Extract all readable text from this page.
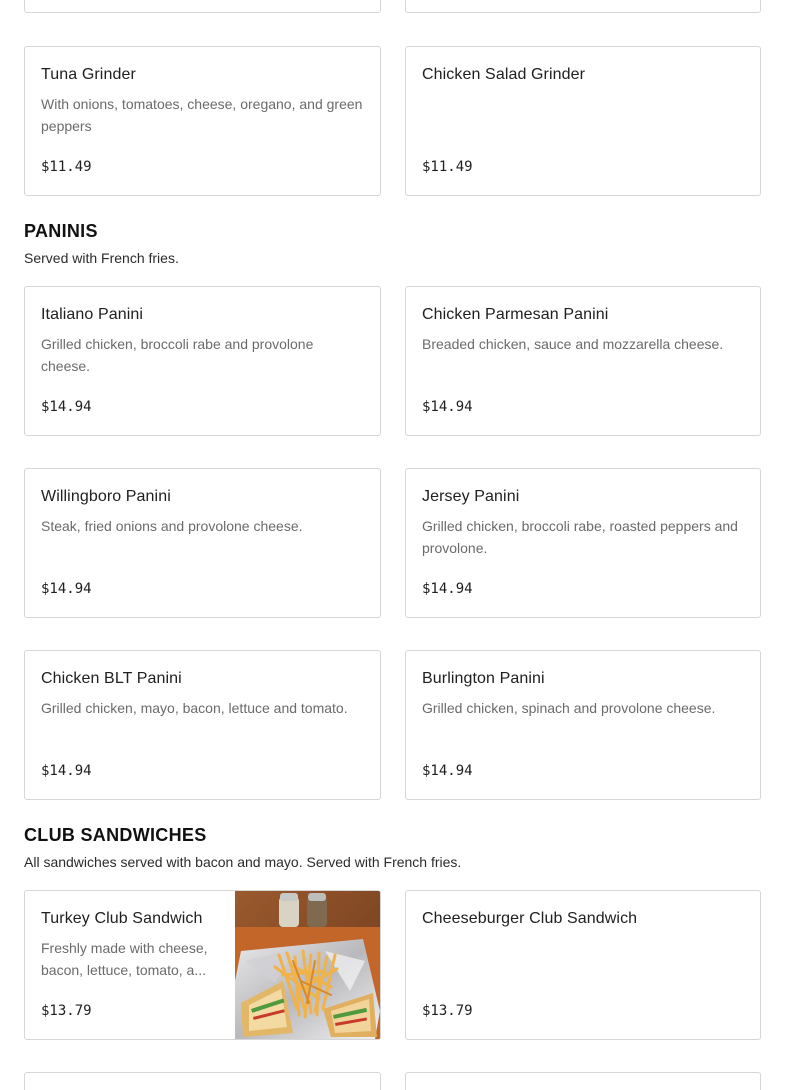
Tuna Grinder
With onions, tomatoes, cheese, oregano, and green peppers
$11.49
Chicken Salad Grinder
$11.49
PANINIS
Served with French fries.
Italiano Panini
Grilled chicken, broccoli rabe and provolone cheese.
$14.94
Chicken Parmesan Panini
Breaded chicken, sauce and mozzarella cheese.
$14.94
Willingboro Panini
Steak, fried onions and provolone cheese.
$14.94
Jersey Panini
Grilled chicken, broccoli rabe, roasted peppers and provolone.
$14.94
Chicken BLT Panini
Grilled chicken, mayo, bacon, lettuce and tomato.
$14.94
Burlington Panini
Grilled chicken, spinach and provolone cheese.
$14.94
CLUB SANDWICHES
All sandwiches served with bacon and mayo. Served with French fries.
Turkey Club Sandwich
Freshly made with cheese, bacon, lettuce, tomato, a...
$13.79
Cheeseburger Club Sandwich
$13.79
